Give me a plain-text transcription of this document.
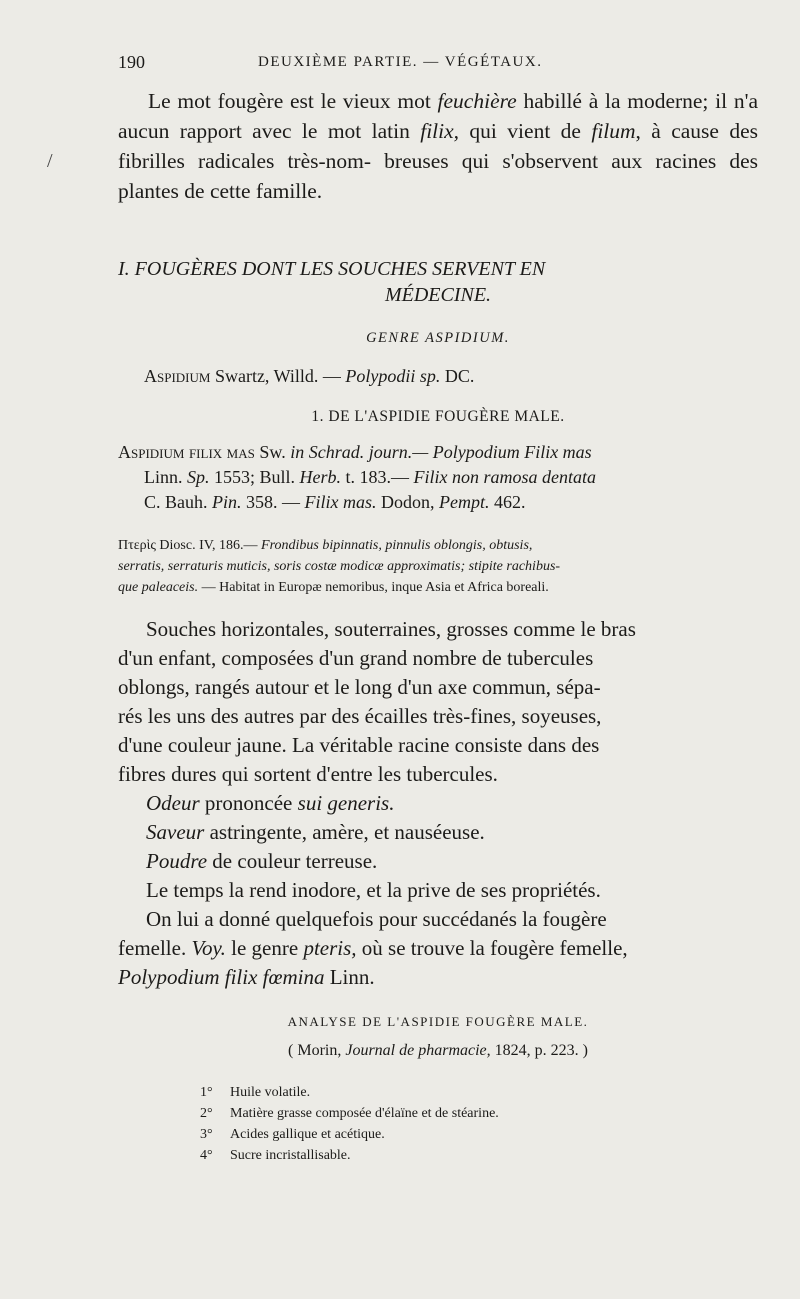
190	DEUXIÈME PARTIE. — VÉGÉTAUX.
/
Le mot fougère est le vieux mot feuchière habillé à la moderne; il n'a aucun rapport avec le mot latin filix, qui vient de filum, à cause des fibrilles radicales très-nom- breuses qui s'observent aux racines des plantes de cette famille.
I. FOUGÈRES DONT LES SOUCHES SERVENT EN
MÉDECINE.
GENRE ASPIDIUM.
Aspidium Swartz, Willd. — Polypodii sp. DC.
1. DE L'ASPIDIE FOUGÈRE MALE.
Aspidium filix mas Sw. in Schrad. journ.— Polypodium Filix mas
Linn. Sp. 1553; Bull. Herb. t. 183.— Filix non ramosa dentata
C. Bauh. Pin. 358. — Filix mas. Dodon, Pempt. 462.
Πτερὶς Diosc. IV, 186.— Frondibus bipinnatis, pinnulis oblongis, obtusis,
serratis, serraturis muticis, soris costæ modicæ approximatis; stipite rachibus-
que paleaceis. — Habitat in Europæ nemoribus, inque Asia et Africa boreali.
Souches horizontales, souterraines, grosses comme le bras
d'un enfant, composées d'un grand nombre de tubercules
oblongs, rangés autour et le long d'un axe commun, sépa-
rés les uns des autres par des écailles très-fines, soyeuses,
d'une couleur jaune. La véritable racine consiste dans des
fibres dures qui sortent d'entre les tubercules.
Odeur prononcée sui generis.
Saveur astringente, amère, et nauséeuse.
Poudre de couleur terreuse.
Le temps la rend inodore, et la prive de ses propriétés.
On lui a donné quelquefois pour succédanés la fougère
femelle. Voy. le genre pteris, où se trouve la fougère femelle,
Polypodium filix fœmina Linn.
ANALYSE DE L'ASPIDIE FOUGÈRE MALE.
( Morin, Journal de pharmacie, 1824, p. 223. )
1° Huile volatile.
2° Matière grasse composée d'élaïne et de stéarine.
3° Acides gallique et acétique.
4° Sucre incristallisable.
